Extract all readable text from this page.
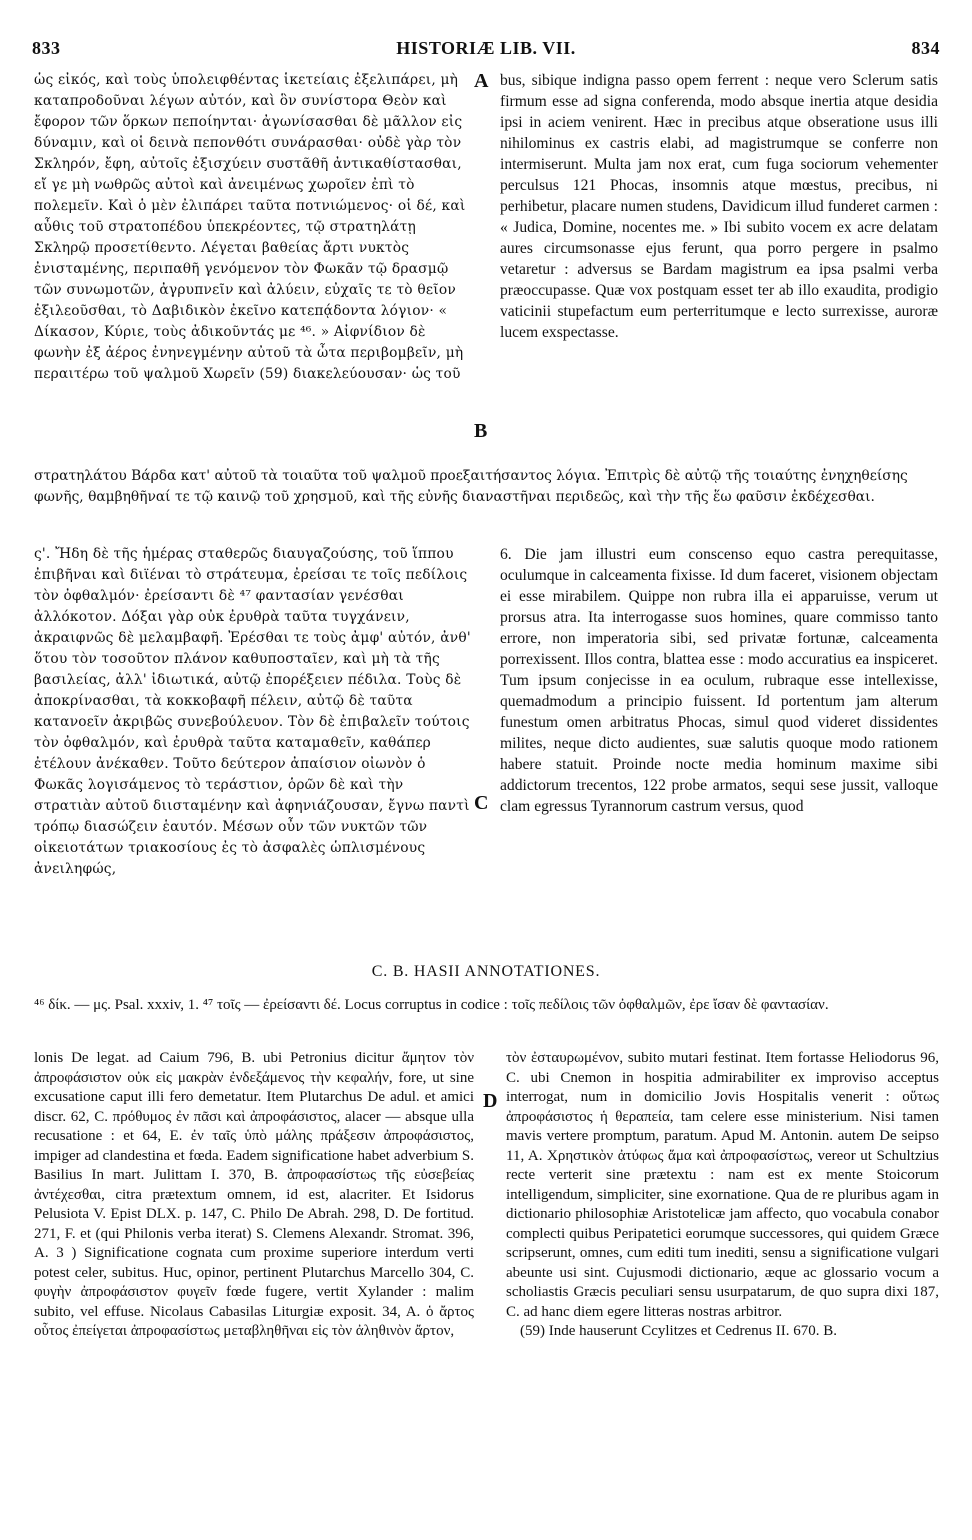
HISTORIÆ LIB. VII.
833	834

ὡς εἰκός, καὶ τοὺς ὑπολειφθέντας ἱκετείαις ἐξελιπάρει, μὴ καταπροδοῦναι λέγων αὐτόν, καὶ ὃν συνίστορα Θεὸν καὶ ἔφορον τῶν ὅρκων πεποίηνται· ἀγωνίσασθαι δὲ μᾶλλον εἰς δύναμιν, καὶ οἱ δεινὰ πεπονθότι συνάρασθαι· οὐδὲ γὰρ τὸν Σκληρόν, ἔφη, αὐτοῖς ἐξισχύειν συστᾶθῆ ἀντικαθίστασθαι, εἴ γε μὴ νωθρῶς αὐτοὶ καὶ ἀνειμένως χωροῖεν ἐπὶ τὸ πολεμεῖν. Καὶ ὁ μὲν ἐλιπάρει ταῦτα ποτνιώμενος· οἱ δέ, καὶ αὖθις τοῦ στρατοπέδου ὑπεκρέοντες, τῷ στρατηλάτῃ Σκληρῷ προσετίθεντο. Λέγεται βαθείας ἄρτι νυκτὸς ἐνισταμένης, περιπαθῆ γενόμενον τὸν Φωκᾶν τῷ δρασμῷ τῶν συνωμοτῶν, ἀγρυπνεῖν καὶ ἀλύειν, εὐχαῖς τε τὸ θεῖον ἐξιλεοῦσθαι, τὸ Δαβιδικὸν ἐκεῖνο κατεπᾴδοντα λόγιον· « Δίκασον, Κύριε, τοὺς ἀδικοῦντάς με ⁴⁶. » Αἰφνίδιον δὲ φωνὴν ἐξ ἀέρος ἐνηνεγμένην αὐτοῦ τὰ ὦτα περιβομβεῖν, μὴ περαιτέρω τοῦ ψαλμοῦ Χωρεῖν (59) διακελεύουσαν· ὡς τοῦ

A bus, sibique indigna passo opem ferrent : neque vero Sclerum satis firmum esse ad signa conferenda, modo absque inertia atque desidia ipsi in aciem venirent. Hæc in precibus atque obseratione usus illi nihilominus ex castris elabi, ad magistrumque se conferre non intermiserunt. Multa jam nox erat, cum fuga sociorum vehementer perculsus 121 Phocas, insomnis atque mœstus, precibus, ni perhibetur, placare numen studens, Davidicum illud funderet carmen : « Judica, Domine, nocentes me. » Ibi subito vocem ex acre delatam aures circumsonasse ejus ferunt, qua porro pergere in psalmo vetaretur : adversus se Bardam magistrum ea ipsa psalmi verba præoccupasse. Quæ vox postquam esset ter ab illo exaudita, prodigio vaticinii stupefactum eum perterritumque e lecto surrexisse, auroræ lucem exspectasse.

B

στρατηλάτου Βάρδα κατ' αὐτοῦ τὰ τοιαῦτα τοῦ ψαλμοῦ προεξαιτήσαντος λόγια. Ἐπιτρὶς δὲ αὐτῷ τῆς τοιαύτης ἐνηχηθείσης φωνῆς, θαμβηθῆναί τε τῷ καινῷ τοῦ χρησμοῦ, καὶ τῆς εὐνῆς διαναστῆναι περιδεῶς, καὶ τὴν τῆς ἕω φαῦσιν ἐκδέχεσθαι.

ς'. Ἤδη δὲ τῆς ἡμέρας σταθερῶς διαυγαζούσης, τοῦ ἵππου ἐπιβῆναι καὶ διϊέναι τὸ στράτευμα, ἐρείσαι τε τοῖς πεδίλοις τὸν ὀφθαλμόν· ἐρείσαντι δὲ ⁴⁷ φαντασίαν γενέσθαι ἀλλόκοτον. Δόξαι γὰρ οὐκ ἐρυθρὰ ταῦτα τυγχάνειν, ἀκραιφνῶς δὲ μελαμβαφῆ. Ἐρέσθαι τε τοὺς ἀμφ' αὐτόν, ἀνθ' ὅτου τὸν τοσοῦτον πλάνον καθυποσταῖεν, καὶ μὴ τὰ τῆς βασιλείας, ἀλλ' ἰδιωτικά, αὐτῷ ἐπορέξειεν πέδιλα. Τοὺς δὲ ἀποκρίνασθαι, τὰ κοκκοβαφῆ πέλειν, αὐτῷ δὲ ταῦτα κατανοεῖν ἀκριβῶς συνεβούλευον. Τὸν δὲ ἐπιβαλεῖν τούτοις τὸν ὀφθαλμόν, καὶ ἐρυθρὰ ταῦτα καταμαθεῖν, καθάπερ ἐτέλουν ἀνέκαθεν. Τοῦτο δεύτερον ἀπαίσιον οἰωνὸν ὁ Φωκᾶς λογισάμενος τὸ τεράστιον, ὁρῶν δὲ καὶ τὴν στρατιὰν αὐτοῦ διισταμένην καὶ ἀφηνιάζουσαν, ἔγνω παντὶ τρόπῳ διασώζειν ἑαυτόν. Μέσων οὖν τῶν νυκτῶν τῶν οἰκειοτάτων τριακοσίους ἐς τὸ ἀσφαλὲς ὡπλισμένους ἀνειληφώς,

C

6. Die jam illustri eum conscenso equo castra perequitasse, oculumque in calceamenta fixisse. Id dum faceret, visionem objectam ei esse mirabilem. Quippe non rubra illa ei apparuisse, verum ut prorsus atra. Ita interrogasse suos homines, quare commisso tanto errore, non imperatoria sibi, sed privatæ fortunæ, calceamenta porrexissent. Illos contra, blattea esse : modo accuratius ea inspiceret. Tum ipsum conjecisse in ea oculum, rubraque esse intellexisse, quemadmodum a principio fuissent. Id portentum jam alterum funestum omen arbitratus Phocas, simul quod videret dissidentes milites, neque dicto audientes, suæ salutis quoque modo rationem habere statuit. Proinde nocte media hominum maxime sibi addictorum trecentos, 122 probe armatos, sequi sese jussit, valloque clam egressus Tyrannorum castrum versus, quod

C. B. HASII ANNOTATIONES.

⁴⁶ δίκ. — μς. Psal. xxxiv, 1. ⁴⁷ τοῖς — ἐρείσαντι δέ. Locus corruptus in codice : τοῖς πεδίλοις τῶν ὀφθαλμῶν, ἐρε ἴσαν δὲ φαντασίαν.

lonis De legat. ad Caium 796, B. ubi Petronius dicitur ἄμητον τὸν ἀπροφάσιστον οὐκ εἰς μακρὰν ἐνδεξάμενος τὴν κεφαλήν, fore, ut sine excusatione caput illi fero demetatur. Item Plutarchus De adul. et amici discr. 62, C. πρόθυμος ἐν πᾶσι καὶ ἀπροφάσιστος, alacer — absque ulla recusatione : et 64, E. ἐν ταῖς ὑπὸ μάλης πράξεσιν ἀπροφάσιστος, impiger ad clandestina et fœda. Eadem significatione habet adverbium S. Basilius In mart. Julittam I. 370, B. ἀπροφασίστως τῆς εὐσεβείας ἀντέχεσθαι, citra prætextum omnem, id est, alacriter. Et Isidorus Pelusiota V. Epist DLX. p. 147, C. Philo De Abrah. 298, D. De fortitud. 271, F. et (qui Philonis verba iterat) S. Clemens Alexandr. Stromat. 396, A. 3 ) Significatione cognata cum proxime superiore interdum verti potest celer, subitus. Huc, opinor, pertinent Plutarchus Marcello 304, C. φυγὴν ἀπροφάσιστον φυγεῖν fœde fugere, vertit Xylander : malim subito, vel effuse. Nicolaus Cabasilas Liturgiæ exposit. 34, A. ὁ ἄρτος οὗτος ἐπείγεται ἀπροφασίστως μεταβληθῆναι εἰς τὸν ἀληθινὸν ἄρτον,

D

τὸν ἐσταυρωμένον, subito mutari festinat. Item fortasse Heliodorus 96, C. ubi Cnemon in hospitia admirabiliter ex improviso acceptus interrogat, num in domicilio Jovis Hospitalis venerit : οὕτως ἀπροφάσιστος ἡ θεραπεία, tam celere esse ministerium. Nisi tamen mavis vertere promptum, paratum. Apud M. Antonin. autem De seipso 11, A. Χρηστικὸν ἀτύφως ἅμα καὶ ἀπροφασίστως, vereor ut Schultzius recte verterit sine prætextu : nam est ex mente Stoicorum intelligendum, simpliciter, sine exornatione. Qua de re pluribus agam in dictionario philosophiæ Aristotelicæ jam affecto, quo vocabula conabor complecti quibus Peripatetici eorumque successores, qui quidem Græce scripserunt, omnes, cum editi tum inediti, sensu a significatione vulgari abeunte usi sint. Cujusmodi dictionario, æque ac glossario vocum a scholiastis Græcis peculiari sensu usurpatarum, de quo supra dixi 187, C. ad hanc diem egere litteras nostras arbitror.

(59) Inde hauserunt Ccylitzes et Cedrenus II. 670. B.
